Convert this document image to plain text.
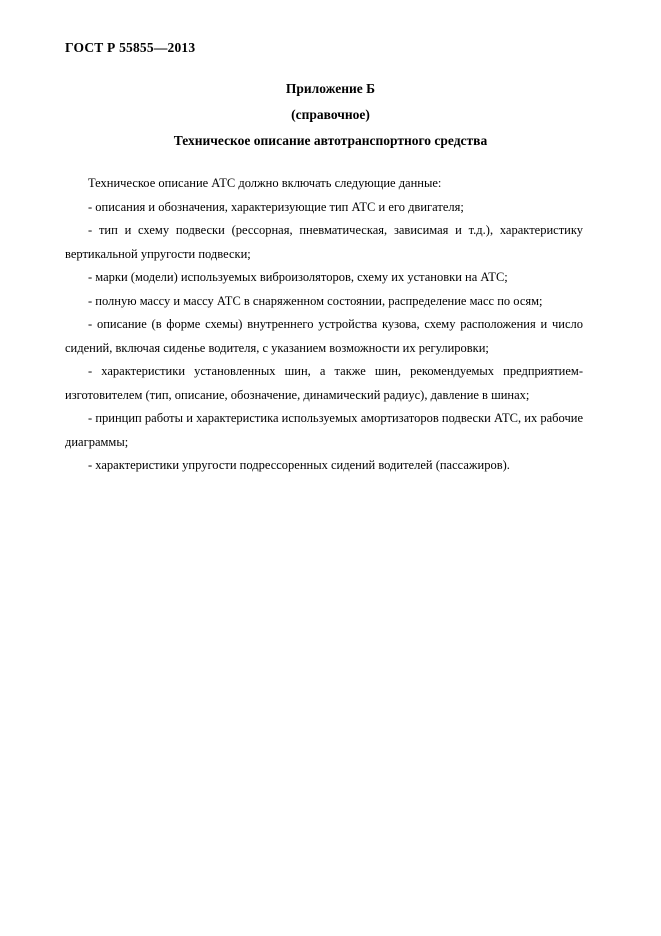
ГОСТ Р 55855—2013
Приложение Б
(справочное)
Техническое описание автотранспортного средства

Техническое описание АТС должно включать следующие данные:

- описания и обозначения, характеризующие тип АТС и его двигателя;

- тип и схему подвески (рессорная, пневматическая, зависимая и т.д.), характеристику вертикальной упругости подвески;

- марки (модели) используемых виброизоляторов, схему их установки на АТС;

- полную массу и массу АТС в снаряженном состоянии, распределение масс по осям;

- описание (в форме схемы) внутреннего устройства кузова, схему расположения и число сидений, включая сиденье водителя, с указанием возможности их регулировки;

- характеристики установленных шин, а также шин, рекомендуемых предприятием-изготовителем (тип, описание, обозначение, динамический радиус), давление в шинах;

- принцип работы и характеристика используемых амортизаторов подвески АТС, их рабочие диаграммы;

- характеристики упругости подрессоренных сидений водителей (пассажиров).
